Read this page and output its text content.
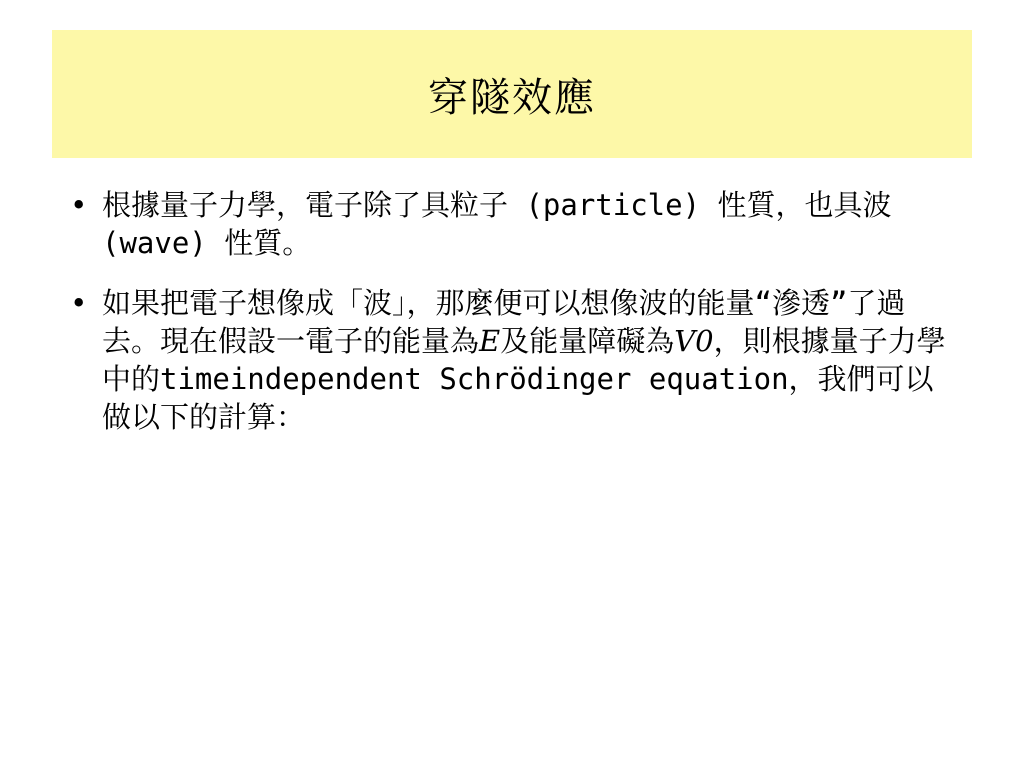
穿隧效應
• 根據量子力學，電子除了具粒子 (particle) 性質，也具波 (wave) 性質。
• 如果把電子想像成「波」，那麼便可以想像波的能量“滲透”了過去。現在假設一電子的能量為E及能量障礙為V0，則根據量子力學中的timeindependent Schrödinger equation，我們可以做以下的計算：
